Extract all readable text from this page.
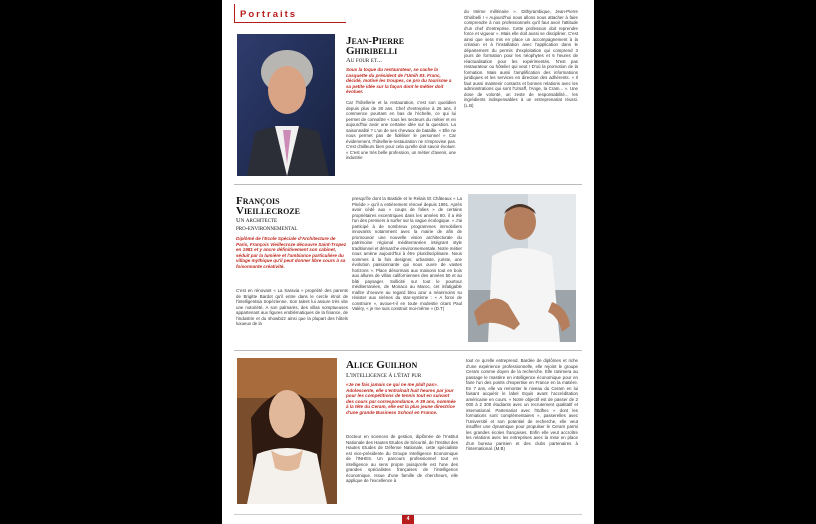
Portraits
Jean-Pierre
Ghiribelli

Au four et...

Sous la toque du restaurateur, se cache la casquette du président de l'Umih 83. Franc, décidé, motivé les troupes, ce pro du tourisme a sa petite idée sur la façon dont le métier doit évoluer.

Car l'hôtellerie et la restauration, c'est son quotidien depuis plus de 30 ans. Chef d'entreprise à 26 ans, il commence pourtant en bas de l'échelle, ce qui lui permet de connaître « tous les secteurs du métier et en aujourd'hui avoir une certaine idée sur la question. La saisonnalité ? L'un de ses chevaux de bataille. « Elle ne nous permet pas de fidéliser le personnel » Car évidemment, l'hôtellerie-restauration ne s'improvise pas. C'est d'ailleurs bien pour cela qu'elle doit savoir évoluer. « C'est une très belle profession, un métier d'avenir, une industrie

du IIIème millénaire ». Dithyrambique, Jean-Pierre Ghiribelli ! « Aujourd'hui nous allons nous attacher à faire comprendre à nos professionnels qu'il faut avoir l'attitude d'un chef d'entreprise. Cette profession doit reprendre force et vigueur ». Mais elle doit aussi se discipliner. C'est ainsi que sera mis en place un accompagnement à la création et à l'installation avec l'application dans le département du permis d'exploitation qui comprend 3 jours de formation pour les néophytes et 6 heures de réactualisation pour les expérimentés. N'est pas restaurateur ou hôtelier qui veut ! D'où la promotion de la formation. Mais aussi l'amplification des informations juridiques et les services en direction des adhérents. « Il faut aussi maintenir contacts et bonnes relations avec les administrations qui sont l'Ursaff, l'Ange, la Cram... ». Une dose de volonté, un zeste de responsabilité... les ingrédients indispensables à un entreprenariat réussi. (L.B)

François
Vieillecroze

Un architecte

pro-environnemental

Diplômé de l'Ecole Spéciale d'Architecture de Paris, François Vieillecroze découvre Saint-Tropez en 1981 et y ancre définitivement son cabinet, séduit par la lumière et l'ambiance particulière du village mythique qu'il peut donner libre cours à sa foisonnante créativité.

C'est en rénovant « La Saravia » propriété des parents de Brigitte Bardot qu'il entre dans le cercle étroit de l'intelligentsia tropézienne. Son talent lui assure très vite une notoriété. A son palmarès, des villas somptueuses appartenant aux figures emblématiques de la finance, de l'industrie et du showbizz ainsi que la plupart des hôtels luxueux de la

presqu'île dont la Bastide et le Relais Et Châteaux « La Pinède » qu'il a entièrement rénové depuis 1991. Après avoir cédé aux « coups de folies » de certains propriétaires excentriques dans les années 80, il a été l'un des premiers à surfer sur la vague écologique. « J'ai participé à de nombreux programmes immobiliers innovants notamment avec la mairie de afin de promouvoir une nouvelle vision architecturale du patrimoine régional méditerranéen intégrant style traditionnel et démarche environnementale. Notre métier nous amène aujourd'hui à être pluridisciplinaire. Nous sommes à la fois designer, urbaniste, juriste, une évolution passionnante qui nous ouvre de vastes horizons ». Place désormais aux maisons tout en bois aux allures de villas californiennes des années 50 et au bâti paysager. Sollicité sur tout le pourtour méditerranéen, de Monaco au Maroc, cet infatigable maître d'oeuvre au regard bleu azur a néanmoins su résister aux sirènes du star-système : « A force de construire », avoue-t-il en toute modestie citant Paul Valéry, « je me suis construit moi-même » (D.T)

Alice Guilhon

L'intelligence à l'état pur

«Je ne fais jamais ce qui ne me plaît pas». Adolescente, elle s'entraînait huit heures par jour pour les compétitions de tennis tout en suivant des cours par correspondance. A 39 ans, nommée à la tête du Ceram, elle est la plus jeune directrice d'une grande Business School en France.

Docteur en sciences de gestion, diplômée de l'Institut Nationale des Hautes Etudes de Sécurité, de l'Institut des Hautes Etudes de Défense Nationale, cette spécialiste est vice-présidente du Groupe Intelligence Economique de l'INHES. Un parcours professionnel tout en intelligence au sens propre puisqu'elle est l'une des grandes spécialistes françaises de l'intelligence économique. Issue d'une famille de chercheurs, elle applique de l'excellence à

tout ce qu'elle entreprend. Bardée de diplômes et riche d'une expérience professionnelle, elle rejoint le groupe Ceram comme doyen de la recherche. Elle ranimera au passage le mastère en intelligence économique pour en faire l'un des points d'expertise en France en la matière. En 7 ans, elle va remonter le niveau du Ceram en lui faisant acquérir le label Equis avant l'accréditation américaine en cours. « Notre objectif est de passer de 2 000 à 2 300 étudiants avec un recrutement qualitatif et international. Partenariat avec l'Edhec « dont les formations sont complémentaires », passerelles avec l'Université et son potentiel de recherche, elle veut insuffler une dynamique pour propulser le Ceram parmi les grandes écoles françaises. Enfin elle veut accroître les relations avec les entreprises avec la mise en place d'un bureau parisien et des clubs partenaires à l'international. (M.B)

4
